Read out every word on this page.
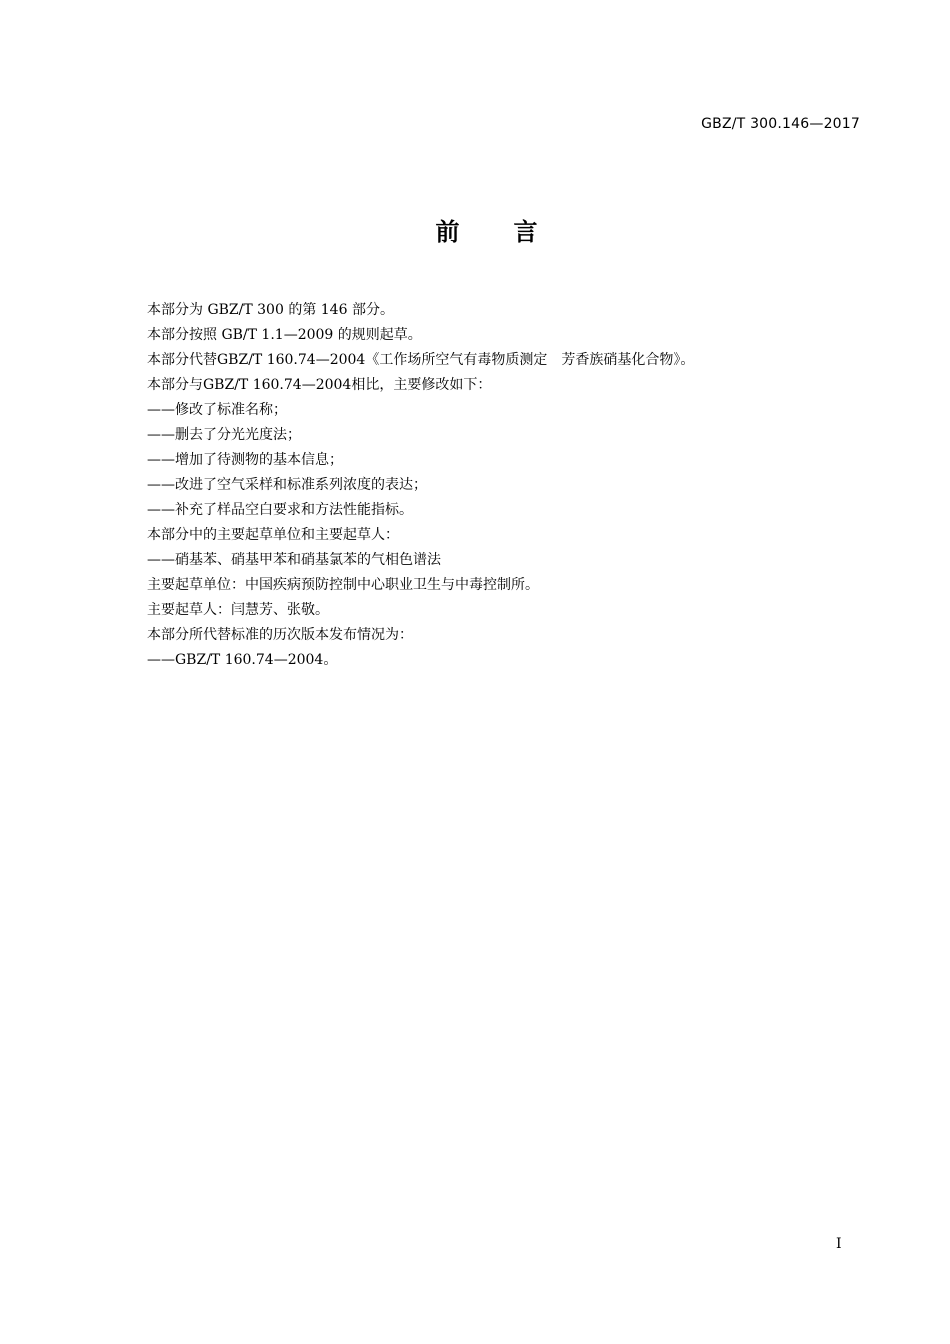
GBZ/T 300.146—2017
前　　言
本部分为 GBZ/T 300 的第 146 部分。
本部分按照 GB/T 1.1—2009 的规则起草。
本部分代替GBZ/T 160.74—2004《工作场所空气有毒物质测定　芳香族硝基化合物》。
本部分与GBZ/T 160.74—2004相比，主要修改如下：
——修改了标准名称；
——删去了分光光度法；
——增加了待测物的基本信息；
——改进了空气采样和标准系列浓度的表达；
——补充了样品空白要求和方法性能指标。
本部分中的主要起草单位和主要起草人：
——硝基苯、硝基甲苯和硝基氯苯的气相色谱法
主要起草单位：中国疾病预防控制中心职业卫生与中毒控制所。
主要起草人：闫慧芳、张敬。
本部分所代替标准的历次版本发布情况为：
——GBZ/T 160.74—2004。
I
